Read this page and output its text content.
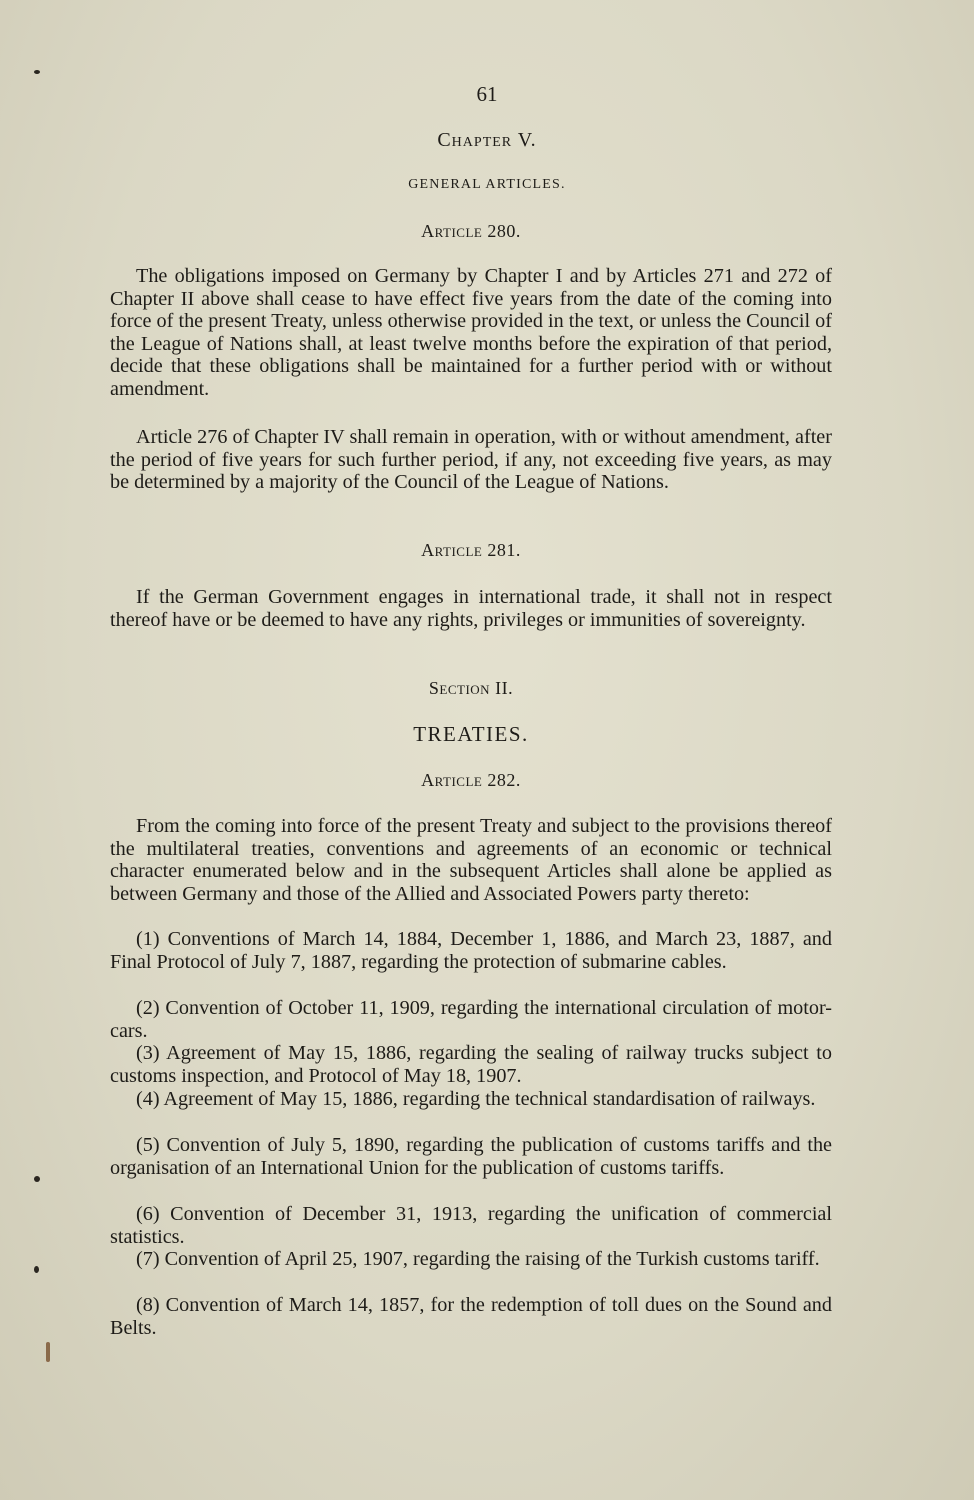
61
Chapter V.
GENERAL ARTICLES.
Article 280.

The obligations imposed on Germany by Chapter I and by Articles 271 and 272 of Chapter II above shall cease to have effect five years from the date of the coming into force of the present Treaty, unless otherwise provided in the text, or unless the Council of the League of Nations shall, at least twelve months before the expiration of that period, decide that these obligations shall be maintained for a further period with or without amendment.

Article 276 of Chapter IV shall remain in operation, with or without amendment, after the period of five years for such further period, if any, not exceeding five years, as may be determined by a majority of the Council of the League of Nations.

Article 281.

If the German Government engages in international trade, it shall not in respect thereof have or be deemed to have any rights, privileges or immunities of sovereignty.

Section II.
TREATIES.
Article 282.

From the coming into force of the present Treaty and subject to the provisions thereof the multilateral treaties, conventions and agreements of an economic or technical character enumerated below and in the subsequent Articles shall alone be applied as between Germany and those of the Allied and Associated Powers party thereto:

(1) Conventions of March 14, 1884, December 1, 1886, and March 23, 1887, and Final Protocol of July 7, 1887, regarding the protection of submarine cables.

(2) Convention of October 11, 1909, regarding the international circulation of motor-cars.

(3) Agreement of May 15, 1886, regarding the sealing of railway trucks subject to customs inspection, and Protocol of May 18, 1907.

(4) Agreement of May 15, 1886, regarding the technical standardisation of railways.

(5) Convention of July 5, 1890, regarding the publication of customs tariffs and the organisation of an International Union for the publication of customs tariffs.

(6) Convention of December 31, 1913, regarding the unification of commercial statistics.

(7) Convention of April 25, 1907, regarding the raising of the Turkish customs tariff.

(8) Convention of March 14, 1857, for the redemption of toll dues on the Sound and Belts.
